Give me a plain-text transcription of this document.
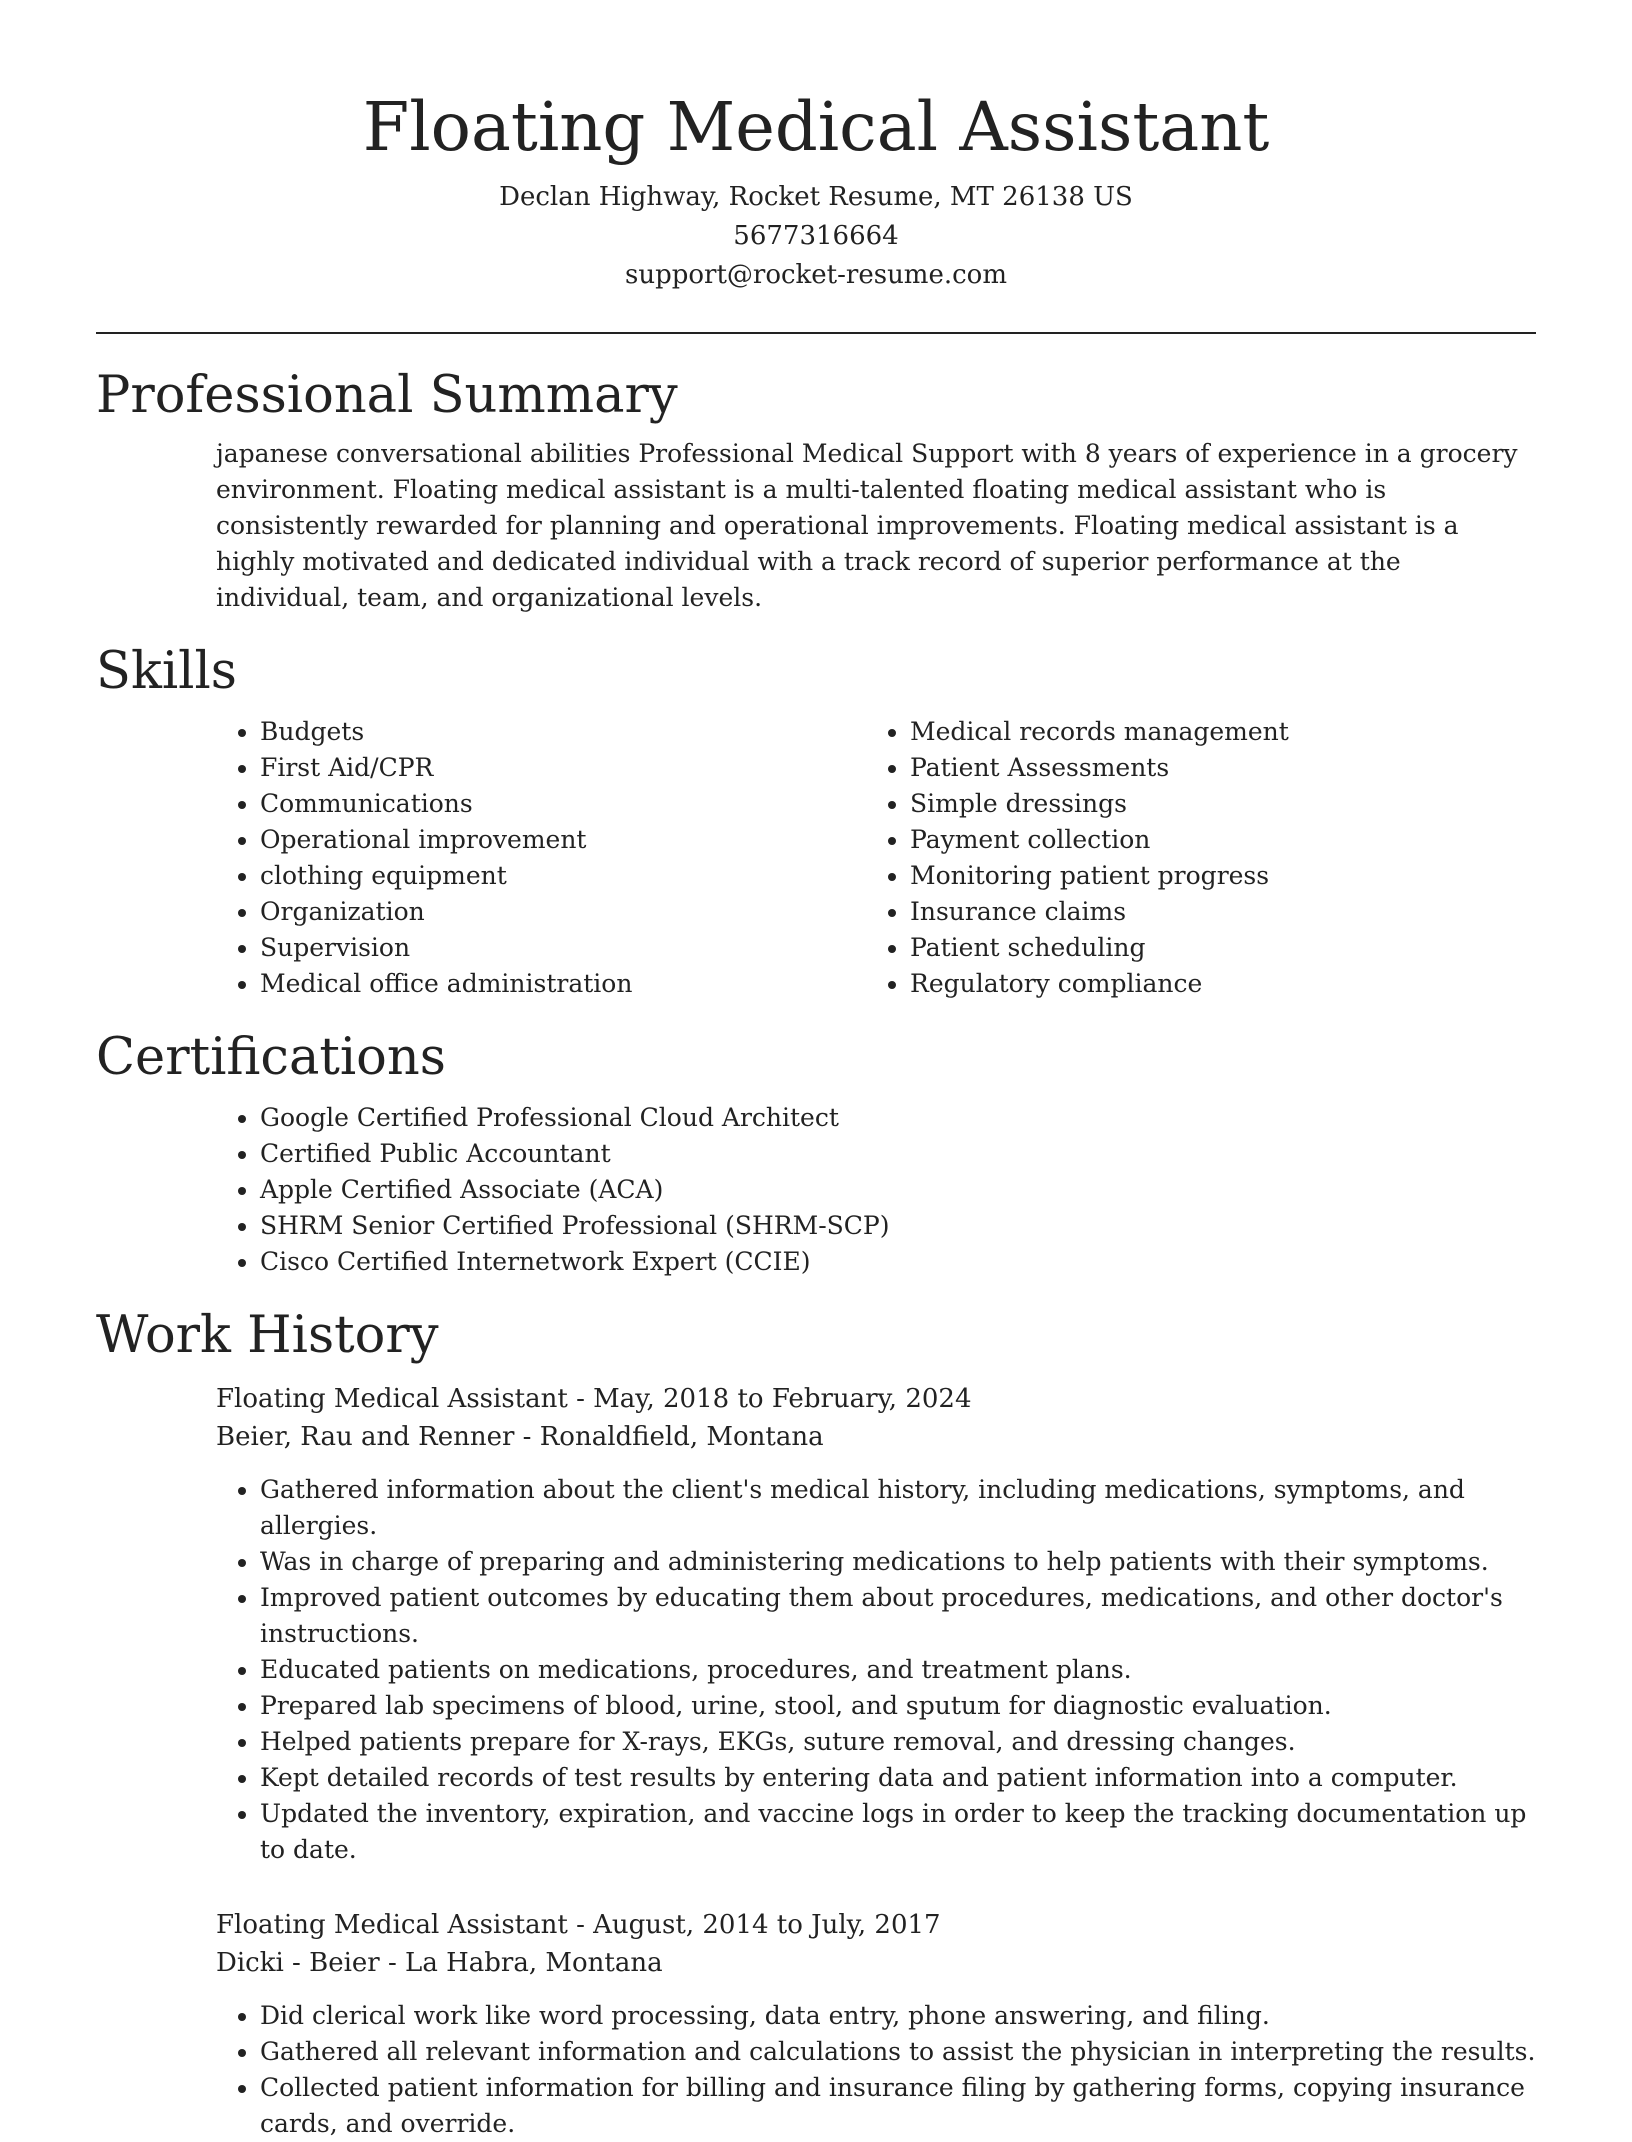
Floating Medical Assistant

Declan Highway, Rocket Resume, MT 26138 US

5677316664

support@rocket-resume.com

Professional Summary

japanese conversational abilities Professional Medical Support with 8 years of experience in a grocery environment. Floating medical assistant is a multi-talented floating medical assistant who is consistently rewarded for planning and operational improvements. Floating medical assistant is a highly motivated and dedicated individual with a track record of superior performance at the individual, team, and organizational levels.

Skills
• Budgets
• First Aid/CPR
• Communications
• Operational improvement
• clothing equipment
• Organization
• Supervision
• Medical office administration
• Medical records management
• Patient Assessments
• Simple dressings
• Payment collection
• Monitoring patient progress
• Insurance claims
• Patient scheduling
• Regulatory compliance
Certifications
• Google Certified Professional Cloud Architect
• Certified Public Accountant
• Apple Certified Associate (ACA)
• SHRM Senior Certified Professional (SHRM-SCP)
• Cisco Certified Internetwork Expert (CCIE)
Work History

Floating Medical Assistant - May, 2018 to February, 2024

Beier, Rau and Renner - Ronaldfield, Montana

• Gathered information about the client's medical history, including medications, symptoms, and allergies.
• Was in charge of preparing and administering medications to help patients with their symptoms.
• Improved patient outcomes by educating them about procedures, medications, and other doctor's instructions.
• Educated patients on medications, procedures, and treatment plans.
• Prepared lab specimens of blood, urine, stool, and sputum for diagnostic evaluation.
• Helped patients prepare for X-rays, EKGs, suture removal, and dressing changes.
• Kept detailed records of test results by entering data and patient information into a computer.
• Updated the inventory, expiration, and vaccine logs in order to keep the tracking documentation up to date.

Floating Medical Assistant - August, 2014 to July, 2017

Dicki - Beier - La Habra, Montana

• Did clerical work like word processing, data entry, phone answering, and filing.
• Gathered all relevant information and calculations to assist the physician in interpreting the results.
• Collected patient information for billing and insurance filing by gathering forms, copying insurance cards, and override.
